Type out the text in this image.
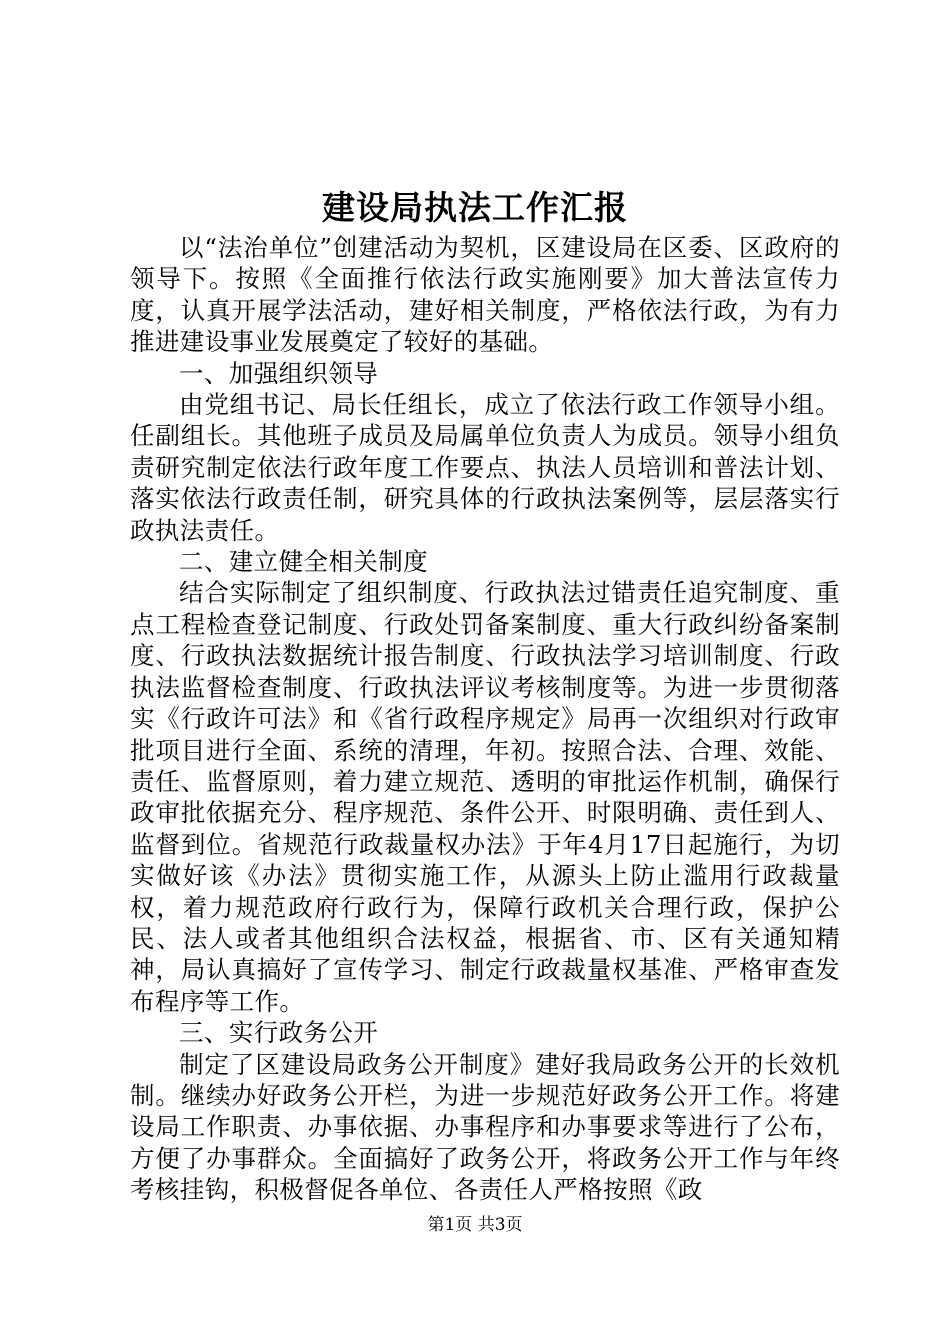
建设局执法工作汇报

以“法治单位”创建活动为契机，区建设局在区委、区政府的领导下。按照《全面推行依法行政实施刚要》加大普法宣传力度，认真开展学法活动，建好相关制度，严格依法行政，为有力推进建设事业发展奠定了较好的基础。

一、加强组织领导

由党组书记、局长任组长，成立了依法行政工作领导小组。任副组长。其他班子成员及局属单位负责人为成员。领导小组负责研究制定依法行政年度工作要点、执法人员培训和普法计划、落实依法行政责任制，研究具体的行政执法案例等，层层落实行政执法责任。

二、建立健全相关制度

结合实际制定了组织制度、行政执法过错责任追究制度、重点工程检查登记制度、行政处罚备案制度、重大行政纠纷备案制度、行政执法数据统计报告制度、行政执法学习培训制度、行政执法监督检查制度、行政执法评议考核制度等。为进一步贯彻落实《行政许可法》和《省行政程序规定》局再一次组织对行政审批项目进行全面、系统的清理，年初。按照合法、合理、效能、责任、监督原则，着力建立规范、透明的审批运作机制，确保行政审批依据充分、程序规范、条件公开、时限明确、责任到人、监督到位。省规范行政裁量权办法》于年4月17日起施行，为切实做好该《办法》贯彻实施工作，从源头上防止滥用行政裁量权，着力规范政府行政行为，保障行政机关合理行政，保护公民、法人或者其他组织合法权益，根据省、市、区有关通知精神，局认真搞好了宣传学习、制定行政裁量权基准、严格审查发布程序等工作。

三、实行政务公开

制定了区建设局政务公开制度》建好我局政务公开的长效机制。继续办好政务公开栏，为进一步规范好政务公开工作。将建设局工作职责、办事依据、办事程序和办事要求等进行了公布，方便了办事群众。全面搞好了政务公开，将政务公开工作与年终考核挂钩，积极督促各单位、各责任人严格按照《政

第1页 共3页
